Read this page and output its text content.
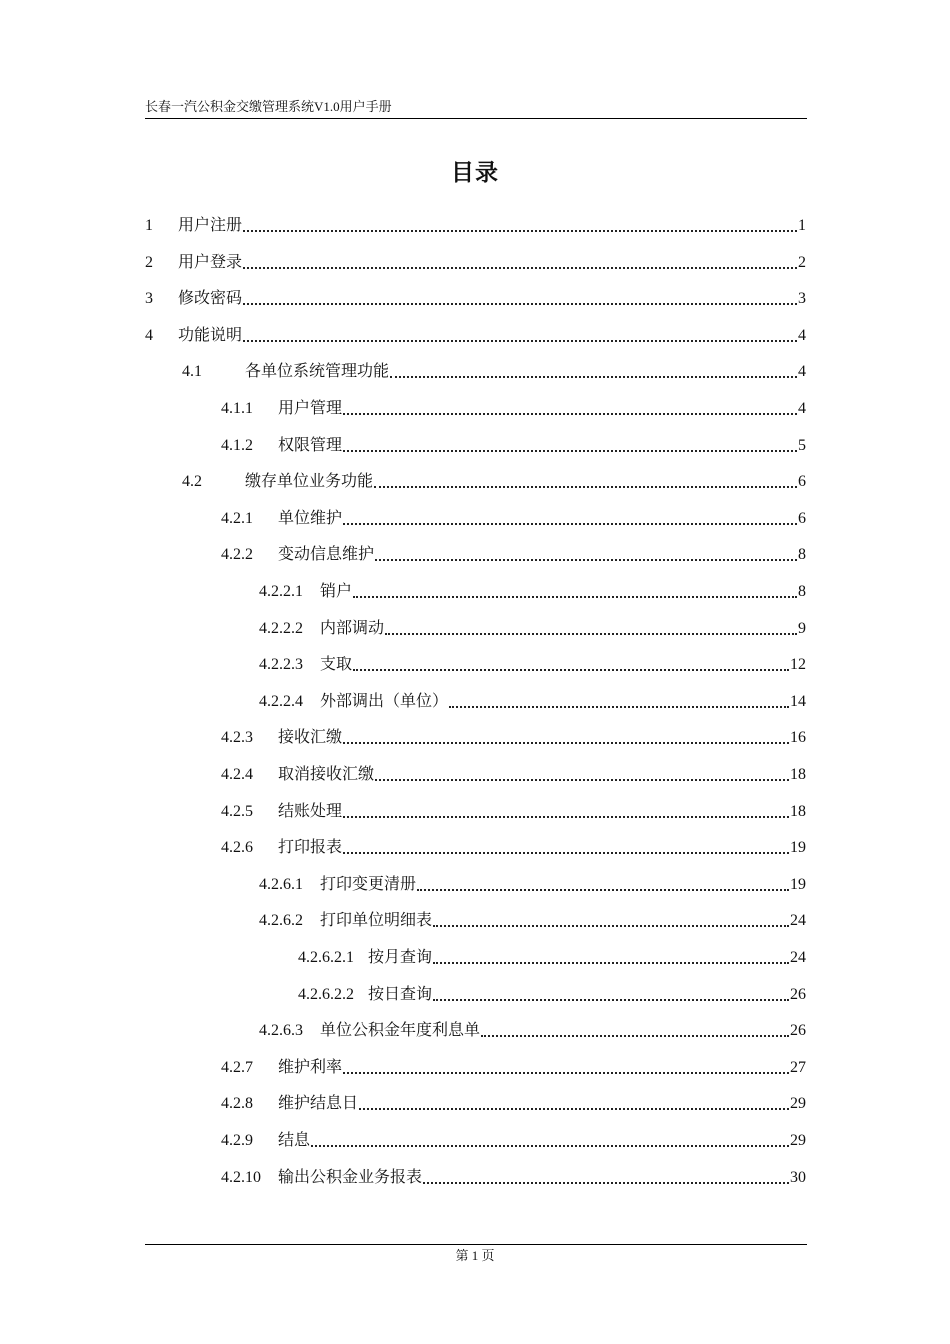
长春一汽公积金交缴管理系统V1.0用户手册
目录
1	用户注册	1
2	用户登录	2
3	修改密码	3
4	功能说明	4
4.1	各单位系统管理功能	4
4.1.1	用户管理	4
4.1.2	权限管理	5
4.2	缴存单位业务功能	6
4.2.1	单位维护	6
4.2.2	变动信息维护	8
4.2.2.1	销户	8
4.2.2.2	内部调动	9
4.2.2.3	支取	12
4.2.2.4	外部调出（单位）	14
4.2.3	接收汇缴	16
4.2.4	取消接收汇缴	18
4.2.5	结账处理	18
4.2.6	打印报表	19
4.2.6.1	打印变更清册	19
4.2.6.2	打印单位明细表	24
4.2.6.2.1 按月查询	24
4.2.6.2.2 按日查询	26
4.2.6.3	单位公积金年度利息单	26
4.2.7	维护利率	27
4.2.8	维护结息日	29
4.2.9	结息	29
4.2.10	输出公积金业务报表	30
第 1 页
